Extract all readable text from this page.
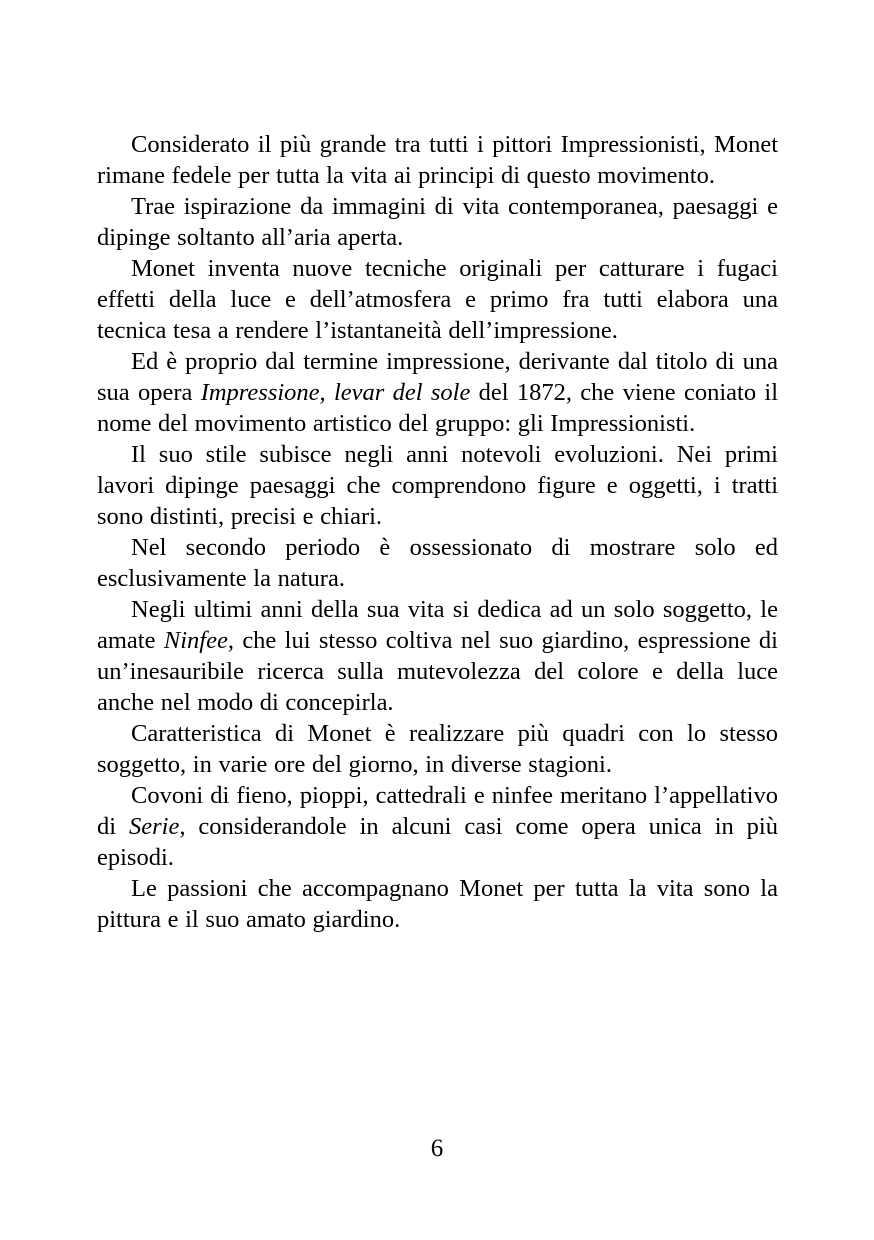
Considerato il più grande tra tutti i pittori Impressionisti, Monet rimane fedele per tutta la vita ai principi di questo movimento.

Trae ispirazione da immagini di vita contemporanea, paesaggi e dipinge soltanto all’aria aperta.

Monet inventa nuove tecniche originali per catturare i fugaci effetti della luce e dell’atmosfera e primo fra tutti elabora una tecnica tesa a rendere l’istantaneità dell’impressione.

Ed è proprio dal termine impressione, derivante dal titolo di una sua opera Impressione, levar del sole del 1872, che viene coniato il nome del movimento artistico del gruppo: gli Impressionisti.

Il suo stile subisce negli anni notevoli evoluzioni. Nei primi lavori dipinge paesaggi che comprendono figure e oggetti, i tratti sono distinti, precisi e chiari.

Nel secondo periodo è ossessionato di mostrare solo ed esclusivamente la natura.

Negli ultimi anni della sua vita si dedica ad un solo soggetto, le amate Ninfee, che lui stesso coltiva nel suo giardino, espressione di un’inesauribile ricerca sulla mutevolezza del colore e della luce anche nel modo di concepirla.

Caratteristica di Monet è realizzare più quadri con lo stesso soggetto, in varie ore del giorno, in diverse stagioni.

Covoni di fieno, pioppi, cattedrali e ninfee meritano l’appellativo di Serie, considerandole in alcuni casi come opera unica in più episodi.

Le passioni che accompagnano Monet per tutta la vita sono la pittura e il suo amato giardino.

6
